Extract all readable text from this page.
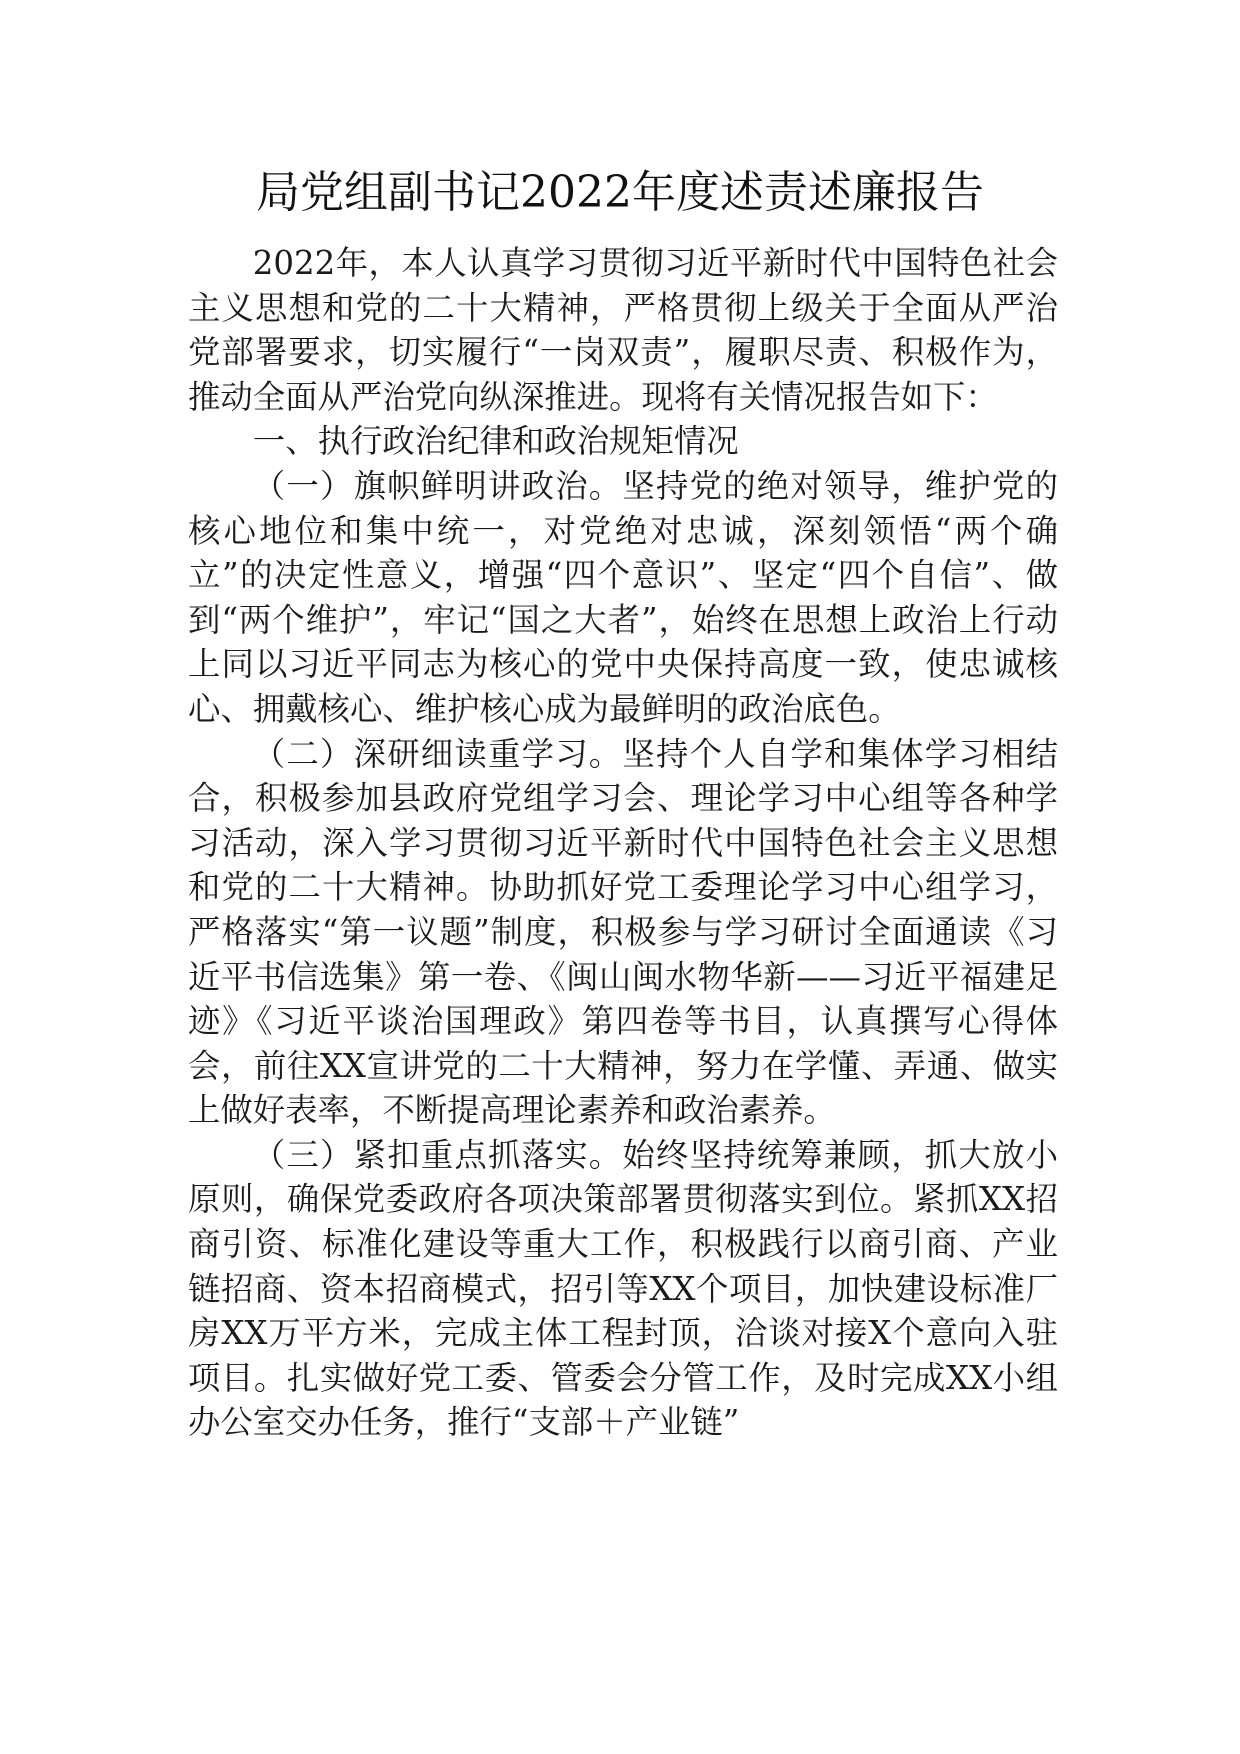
局党组副书记2022年度述责述廉报告

2022年，本人认真学习贯彻习近平新时代中国特色社会主义思想和党的二十大精神，严格贯彻上级关于全面从严治党部署要求，切实履行“一岗双责”，履职尽责、积极作为，推动全面从严治党向纵深推进。现将有关情况报告如下：

一、执行政治纪律和政治规矩情况

（一）旗帜鲜明讲政治。坚持党的绝对领导，维护党的核心地位和集中统一，对党绝对忠诚，深刻领悟“两个确立”的决定性意义，增强“四个意识”、坚定“四个自信”、做到“两个维护”，牢记“国之大者”，始终在思想上政治上行动上同以习近平同志为核心的党中央保持高度一致，使忠诚核心、拥戴核心、维护核心成为最鲜明的政治底色。

（二）深研细读重学习。坚持个人自学和集体学习相结合，积极参加县政府党组学习会、理论学习中心组等各种学习活动，深入学习贯彻习近平新时代中国特色社会主义思想和党的二十大精神。协助抓好党工委理论学习中心组学习，严格落实“第一议题”制度，积极参与学习研讨全面通读《习近平书信选集》第一卷、《闽山闽水物华新——习近平福建足迹》《习近平谈治国理政》第四卷等书目，认真撰写心得体会，前往XX宣讲党的二十大精神，努力在学懂、弄通、做实上做好表率，不断提高理论素养和政治素养。

（三）紧扣重点抓落实。始终坚持统筹兼顾，抓大放小原则，确保党委政府各项决策部署贯彻落实到位。紧抓XX招商引资、标准化建设等重大工作，积极践行以商引商、产业链招商、资本招商模式，招引等XX个项目，加快建设标准厂房XX万平方米，完成主体工程封顶，洽谈对接X个意向入驻项目。扎实做好党工委、管委会分管工作，及时完成XX小组办公室交办任务，推行“支部＋产业链”
